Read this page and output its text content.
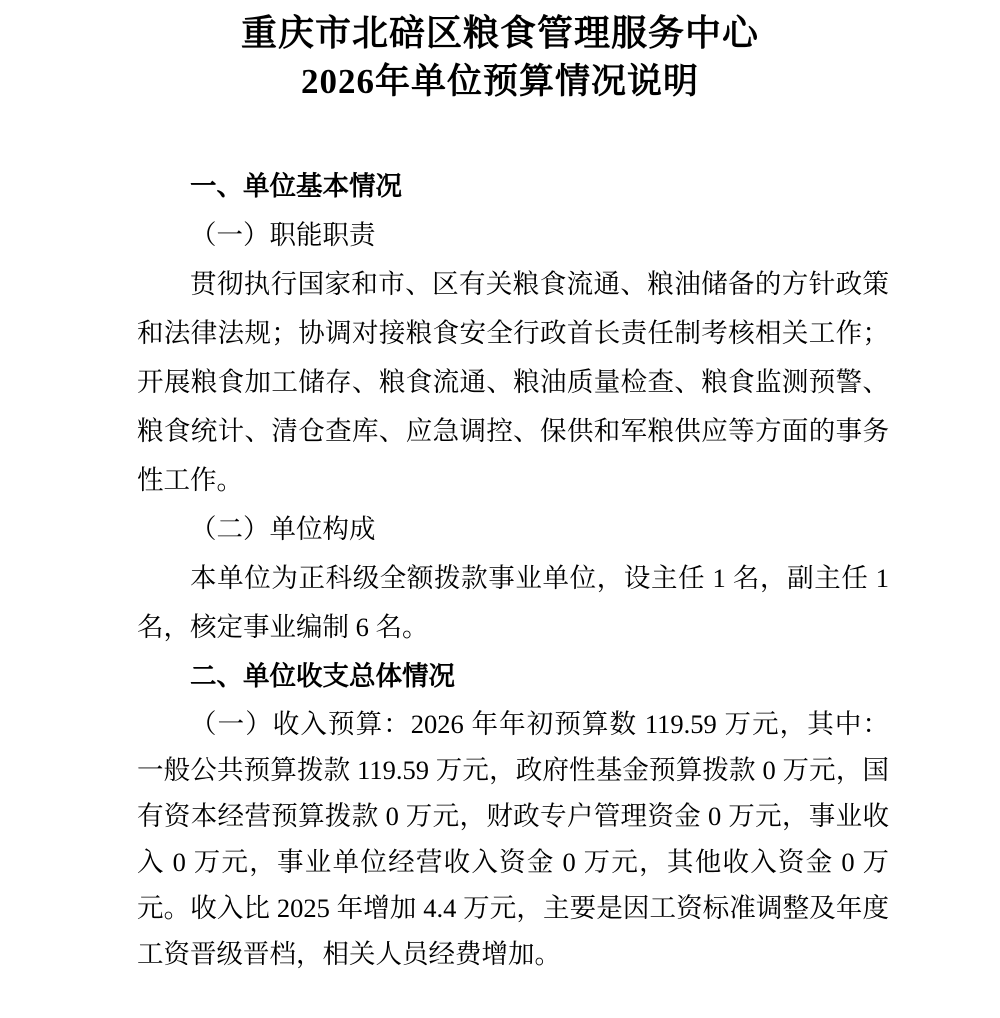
重庆市北碚区粮食管理服务中心
2026年单位预算情况说明

一、单位基本情况

（一）职能职责

贯彻执行国家和市、区有关粮食流通、粮油储备的方针政策和法律法规；协调对接粮食安全行政首长责任制考核相关工作；开展粮食加工储存、粮食流通、粮油质量检查、粮食监测预警、粮食统计、清仓查库、应急调控、保供和军粮供应等方面的事务性工作。

（二）单位构成

本单位为正科级全额拨款事业单位，设主任 1 名，副主任 1 名，核定事业编制 6 名。

二、单位收支总体情况

（一）收入预算：2026 年年初预算数 119.59 万元，其中：一般公共预算拨款 119.59 万元，政府性基金预算拨款 0 万元，国有资本经营预算拨款 0 万元，财政专户管理资金 0 万元，事业收入 0 万元，事业单位经营收入资金 0 万元，其他收入资金 0 万元。收入比 2025 年增加 4.4 万元，主要是因工资标准调整及年度工资晋级晋档，相关人员经费增加。
